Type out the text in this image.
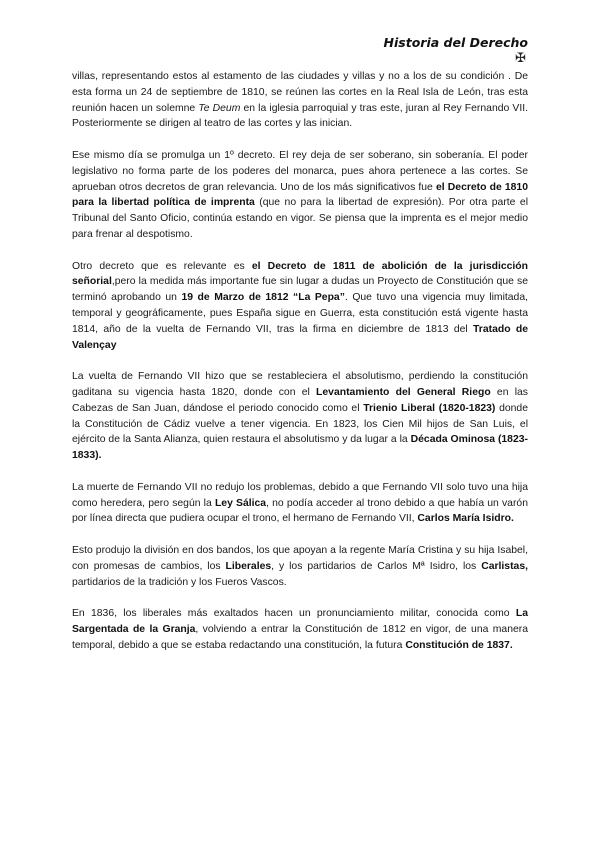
Historia del Derecho
✠

villas, representando estos al estamento de las ciudades y villas y no a los de su condición . De esta forma un 24 de septiembre de 1810, se reúnen las cortes en la Real Isla de León, tras esta reunión hacen un solemne Te Deum en la iglesia parroquial y tras este, juran al Rey Fernando VII. Posteriormente se dirigen al teatro de las cortes y las inician.

Ese mismo día se promulga un 1º decreto. El rey deja de ser soberano, sin soberanía. El poder legislativo no forma parte de los poderes del monarca, pues ahora pertenece a las cortes. Se aprueban otros decretos de gran relevancia. Uno de los más significativos fue el Decreto de 1810 para la libertad política de imprenta (que no para la libertad de expresión). Por otra parte el Tribunal del Santo Oficio, continúa estando en vigor. Se piensa que la imprenta es el mejor medio para frenar al despotismo.

Otro decreto que es relevante es el Decreto de 1811 de abolición de la jurisdicción señorial,pero la medida más importante fue sin lugar a dudas un Proyecto de Constitución que se terminó aprobando un 19 de Marzo de 1812 “La Pepa”. Que tuvo una vigencia muy limitada, temporal y geográficamente, pues España sigue en Guerra, esta constitución está vigente hasta 1814, año de la vuelta de Fernando VII, tras la firma en diciembre de 1813 del Tratado de Valençay

La vuelta de Fernando VII hizo que se restableciera el absolutismo, perdiendo la constitución gaditana su vigencia hasta 1820, donde con el Levantamiento del General Riego en las Cabezas de San Juan, dándose el periodo conocido como el Trienio Liberal (1820-1823) donde la Constitución de Cádiz vuelve a tener vigencia. En 1823, los Cien Mil hijos de San Luis, el ejército de la Santa Alianza, quien restaura el absolutismo y da lugar a la Década Ominosa (1823-1833).

La muerte de Fernando VII no redujo los problemas, debido a que Fernando VII solo tuvo una hija como heredera, pero según la Ley Sálica, no podía acceder al trono debido a que había un varón por línea directa que pudiera ocupar el trono, el hermano de Fernando VII, Carlos María Isidro.

Esto produjo la división en dos bandos, los que apoyan a la regente María Cristina y su hija Isabel, con promesas de cambios, los Liberales, y los partidarios de Carlos Mª Isidro, los Carlistas, partidarios de la tradición y los Fueros Vascos.

En 1836, los liberales más exaltados hacen un pronunciamiento militar, conocida como La Sargentada de la Granja, volviendo a entrar la Constitución de 1812 en vigor, de una manera temporal, debido a que se estaba redactando una constitución, la futura Constitución de 1837.
